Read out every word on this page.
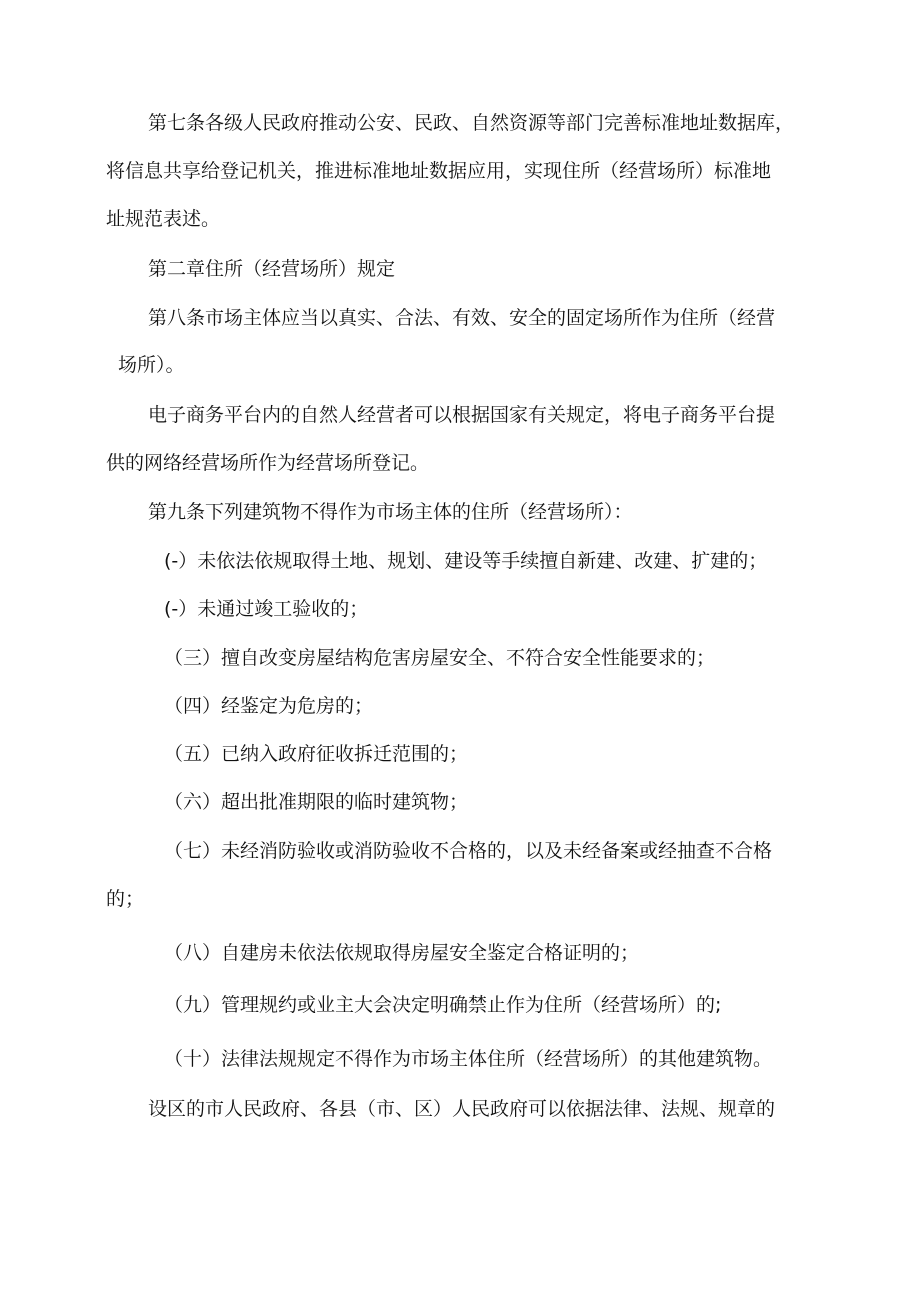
第七条各级人民政府推动公安、民政、自然资源等部门完善标准地址数据库，

将信息共享给登记机关，推进标准地址数据应用，实现住所（经营场所）标准地

址规范表述。

第二章住所（经营场所）规定

第八条市场主体应当以真实、合法、有效、安全的固定场所作为住所（经营

场所）。

电子商务平台内的自然人经营者可以根据国家有关规定，将电子商务平台提

供的网络经营场所作为经营场所登记。

第九条下列建筑物不得作为市场主体的住所（经营场所）：

(-）未依法依规取得土地、规划、建设等手续擅自新建、改建、扩建的；

(-）未通过竣工验收的；

（三）擅自改变房屋结构危害房屋安全、不符合安全性能要求的；

（四）经鉴定为危房的；

（五）已纳入政府征收拆迁范围的；

（六）超出批准期限的临时建筑物；

（七）未经消防验收或消防验收不合格的，以及未经备案或经抽查不合格

的；

（八）自建房未依法依规取得房屋安全鉴定合格证明的；

（九）管理规约或业主大会决定明确禁止作为住所（经营场所）的;

（十）法律法规规定不得作为市场主体住所（经营场所）的其他建筑物。

设区的市人民政府、各县（市、区）人民政府可以依据法律、法规、规章的
